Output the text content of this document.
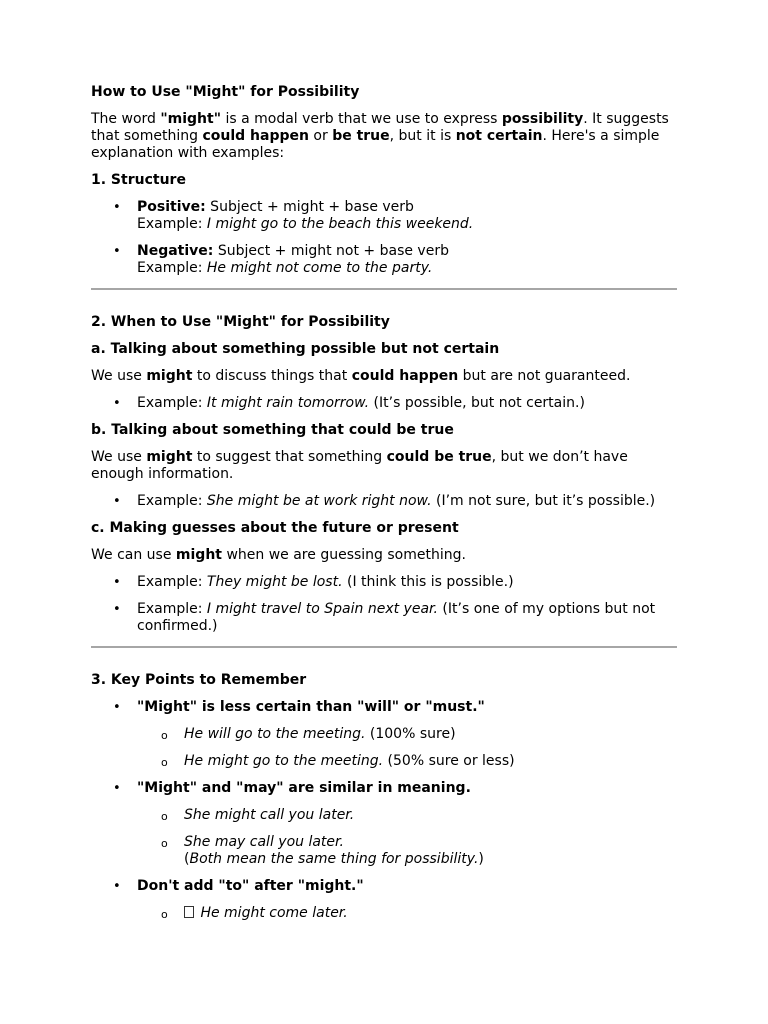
How to Use "Might" for Possibility

The word "might" is a modal verb that we use to express possibility. It suggests that something could happen or be true, but it is not certain. Here's a simple explanation with examples:

1. Structure
• Positive: Subject + might + base verb
Example: I might go to the beach this weekend.
• Negative: Subject + might not + base verb
Example: He might not come to the party.
2. When to Use "Might" for Possibility
a. Talking about something possible but not certain

We use might to discuss things that could happen but are not guaranteed.

• Example: It might rain tomorrow. (It’s possible, but not certain.)
b. Talking about something that could be true

We use might to suggest that something could be true, but we don’t have enough information.

• Example: She might be at work right now. (I’m not sure, but it’s possible.)
c. Making guesses about the future or present

We can use might when we are guessing something.

• Example: They might be lost. (I think this is possible.)
• Example: I might travel to Spain next year. (It’s one of my options but not confirmed.)
3. Key Points to Remember
• "Might" is less certain than "will" or "must."
o He will go to the meeting. (100% sure)
o He might go to the meeting. (50% sure or less)
• "Might" and "may" are similar in meaning.
o She might call you later.
o She may call you later.
(Both mean the same thing for possibility.)
• Don't add "to" after "might."
o He might come later.
